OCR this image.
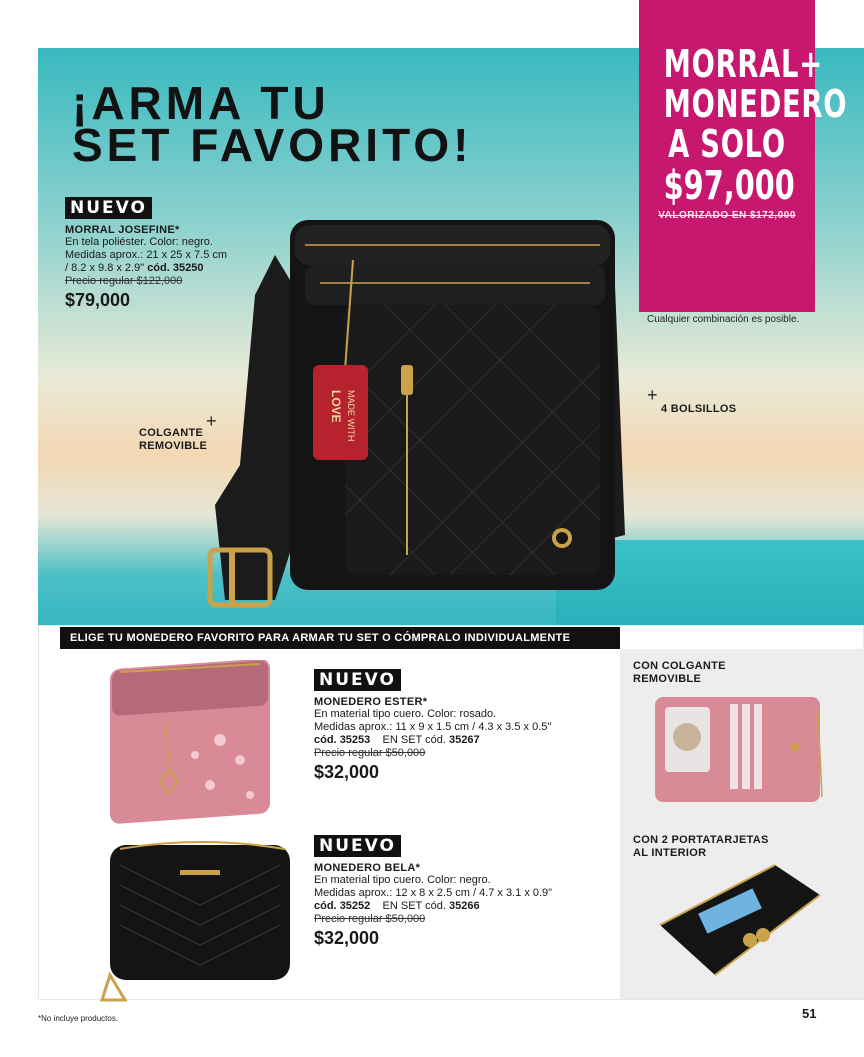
¡ARMA TU
SET FAVORITO!
MORRAL+
MONEDERO
A SOLO
$97,000
VALORIZADO EN $172,000
Cualquier combinación es posible.
NUEVO
MORRAL JOSEFINE*
En tela poliéster. Color: negro.
Medidas aprox.: 21 x 25 x 7.5 cm
/ 8.2 x 9.8 x 2.9" cód. 35250
Precio regular $122,000
$79,000
MADE WITH
LOVE
+
COLGANTE
REMOVIBLE
+
4 BOLSILLOS
ELIGE TU MONEDERO FAVORITO PARA ARMAR TU SET O CÓMPRALO INDIVIDUALMENTE
NUEVO
MONEDERO ESTER*
En material tipo cuero. Color: rosado.
Medidas aprox.: 11 x 9 x 1.5 cm / 4.3 x 3.5 x 0.5"
cód. 35253 EN SET cód. 35267
Precio regular $50,000
$32,000
NUEVO
MONEDERO BELA*
En material tipo cuero. Color: negro.
Medidas aprox.: 12 x 8 x 2.5 cm / 4.7 x 3.1 x 0.9"
cód. 35252 EN SET cód. 35266
Precio regular $50,000
$32,000
CON COLGANTE
REMOVIBLE
CON 2 PORTATARJETAS
AL INTERIOR
*No incluye productos.	51
